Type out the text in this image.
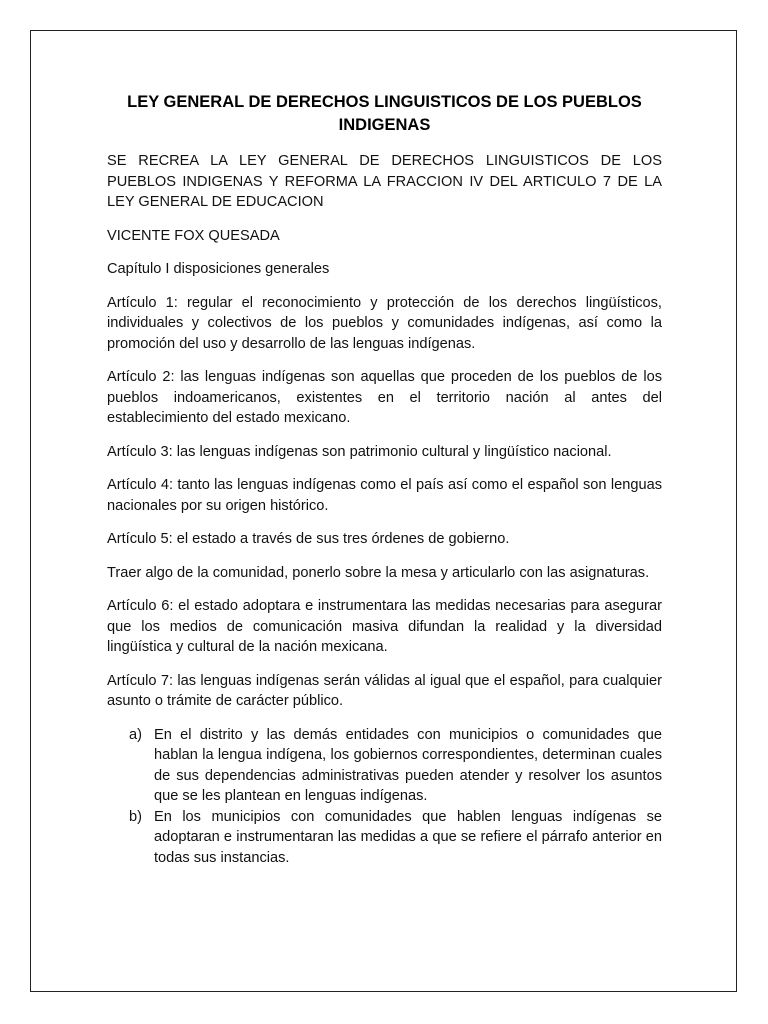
LEY GENERAL DE DERECHOS LINGUISTICOS DE LOS PUEBLOS INDIGENAS

SE RECREA LA LEY GENERAL DE DERECHOS LINGUISTICOS DE LOS PUEBLOS INDIGENAS Y REFORMA LA FRACCION IV DEL ARTICULO 7 DE LA LEY GENERAL DE EDUCACION

VICENTE FOX QUESADA

Capítulo I disposiciones generales

Artículo 1: regular el reconocimiento y protección de los derechos lingüísticos, individuales y colectivos de los pueblos y comunidades indígenas, así como la promoción del uso y desarrollo de las lenguas indígenas.

Artículo 2: las lenguas indígenas son aquellas que proceden de los pueblos de los pueblos indoamericanos, existentes en el territorio nación al antes del establecimiento del estado mexicano.

Artículo 3: las lenguas indígenas son patrimonio cultural y lingüístico nacional.

Artículo 4: tanto las lenguas indígenas como el país así como el español son lenguas nacionales por su origen histórico.

Artículo 5: el estado a través de sus tres órdenes de gobierno.

Traer algo de la comunidad, ponerlo sobre la mesa y articularlo con las asignaturas.

Artículo 6: el estado adoptara e instrumentara las medidas necesarias para asegurar que los medios de comunicación masiva difundan la realidad y la diversidad lingüística y cultural de la nación mexicana.

Artículo 7: las lenguas indígenas serán válidas al igual que el español, para cualquier asunto o trámite de carácter público.

a) En el distrito y las demás entidades con municipios o comunidades que hablan la lengua indígena, los gobiernos correspondientes, determinan cuales de sus dependencias administrativas pueden atender y resolver los asuntos que se les plantean en lenguas indígenas.
b) En los municipios con comunidades que hablen lenguas indígenas se adoptaran e instrumentaran las medidas a que se refiere el párrafo anterior en todas sus instancias.
